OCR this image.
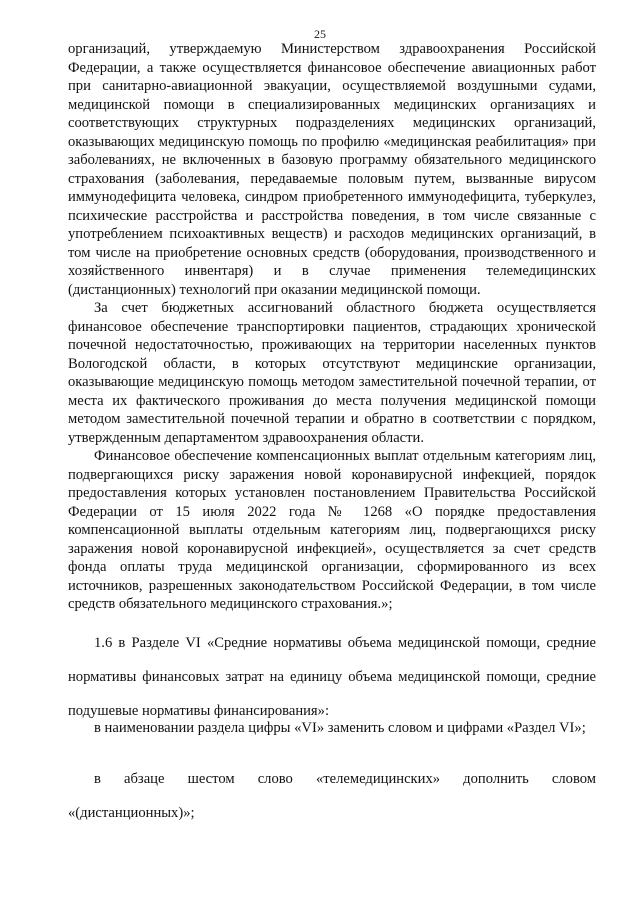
25

организаций, утверждаемую Министерством здравоохранения Российской Федерации, а также осуществляется финансовое обеспечение авиационных работ при санитарно-авиационной эвакуации, осуществляемой воздушными судами, медицинской помощи в специализированных медицинских организациях и соответствующих структурных подразделениях медицинских организаций, оказывающих медицинскую помощь по профилю «медицинская реабилитация» при заболеваниях, не включенных в базовую программу обязательного медицинского страхования (заболевания, передаваемые половым путем, вызванные вирусом иммунодефицита человека, синдром приобретенного иммунодефицита, туберкулез, психические расстройства и расстройства поведения, в том числе связанные с употреблением психоактивных веществ) и расходов медицинских организаций, в том числе на приобретение основных средств (оборудования, производственного и хозяйственного инвентаря) и в случае применения телемедицинских (дистанционных) технологий при оказании медицинской помощи.

За счет бюджетных ассигнований областного бюджета осуществляется финансовое обеспечение транспортировки пациентов, страдающих хронической почечной недостаточностью, проживающих на территории населенных пунктов Вологодской области, в которых отсутствуют медицинские организации, оказывающие медицинскую помощь методом заместительной почечной терапии, от места их фактического проживания до места получения медицинской помощи методом заместительной почечной терапии и обратно в соответствии с порядком, утвержденным департаментом здравоохранения области.

Финансовое обеспечение компенсационных выплат отдельным категориям лиц, подвергающихся риску заражения новой коронавирусной инфекцией, порядок предоставления которых установлен постановлением Правительства Российской Федерации от 15 июля 2022 года № 1268 «О порядке предоставления компенсационной выплаты отдельным категориям лиц, подвергающихся риску заражения новой коронавирусной инфекцией», осуществляется за счет средств фонда оплаты труда медицинской организации, сформированного из всех источников, разрешенных законодательством Российской Федерации, в том числе средств обязательного медицинского страхования.»;

1.6 в Разделе VI «Средние нормативы объема медицинской помощи, средние нормативы финансовых затрат на единицу объема медицинской помощи, средние подушевые нормативы финансирования»:

в наименовании раздела цифры «VI» заменить словом и цифрами «Раздел VI»;

в абзаце шестом слово «телемедицинских» дополнить словом «(дистанционных)»;
